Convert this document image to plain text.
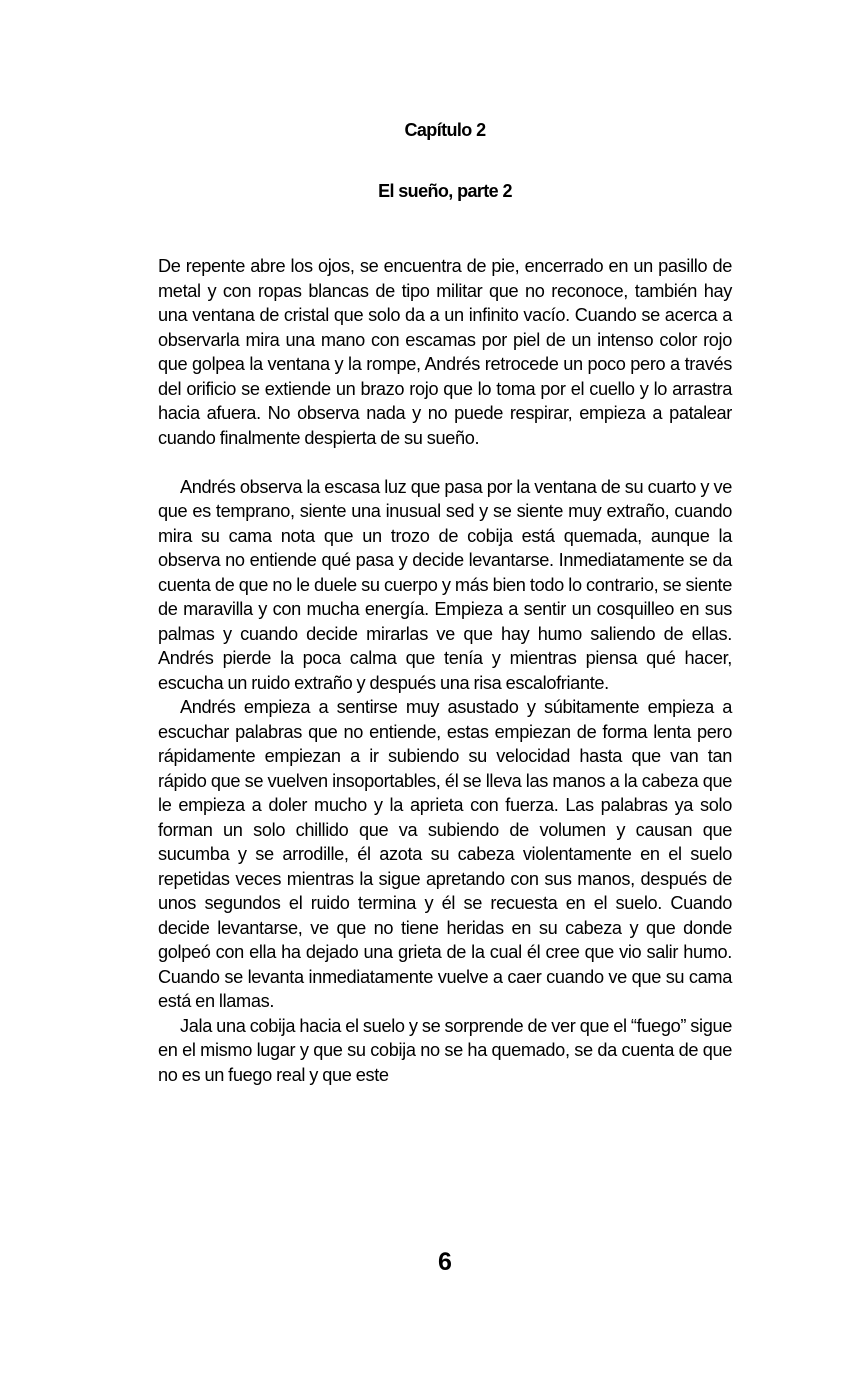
Capítulo 2
El sueño, parte 2

De repente abre los ojos, se encuentra de pie, encerrado en un pasillo de metal y con ropas blancas de tipo militar que no reconoce, también hay una ventana de cristal que solo da a un infinito vacío. Cuando se acerca a observarla mira una mano con escamas por piel de un intenso color rojo que golpea la ventana y la rompe, Andrés retrocede un poco pero a través del orificio se extiende un brazo rojo que lo toma por el cuello y lo arrastra hacia afuera. No observa nada y no puede respirar, empieza a patalear cuando finalmente despierta de su sueño.

Andrés observa la escasa luz que pasa por la ventana de su cuarto y ve que es temprano, siente una inusual sed y se siente muy extraño, cuando mira su cama nota que un trozo de cobija está quemada, aunque la observa no entiende qué pasa y decide levantarse. Inmediatamente se da cuenta de que no le duele su cuerpo y más bien todo lo contrario, se siente de maravilla y con mucha energía. Empieza a sentir un cosquilleo en sus palmas y cuando decide mirarlas ve que hay humo saliendo de ellas. Andrés pierde la poca calma que tenía y mientras piensa qué hacer, escucha un ruido extraño y después una risa escalofriante.

Andrés empieza a sentirse muy asustado y súbitamente empieza a escuchar palabras que no entiende, estas empiezan de forma lenta pero rápidamente empiezan a ir subiendo su velocidad hasta que van tan rápido que se vuelven insoportables, él se lleva las manos a la cabeza que le empieza a doler mucho y la aprieta con fuerza. Las palabras ya solo forman un solo chillido que va subiendo de volumen y causan que sucumba y se arrodille, él azota su cabeza violentamente en el suelo repetidas veces mientras la sigue apretando con sus manos, después de unos segundos el ruido termina y él se recuesta en el suelo. Cuando decide levantarse, ve que no tiene heridas en su cabeza y que donde golpeó con ella ha dejado una grieta de la cual él cree que vio salir humo. Cuando se levanta inmediatamente vuelve a caer cuando ve que su cama está en llamas.

Jala una cobija hacia el suelo y se sorprende de ver que el “fuego” sigue en el mismo lugar y que su cobija no se ha quemado, se da cuenta de que no es un fuego real y que este

6
